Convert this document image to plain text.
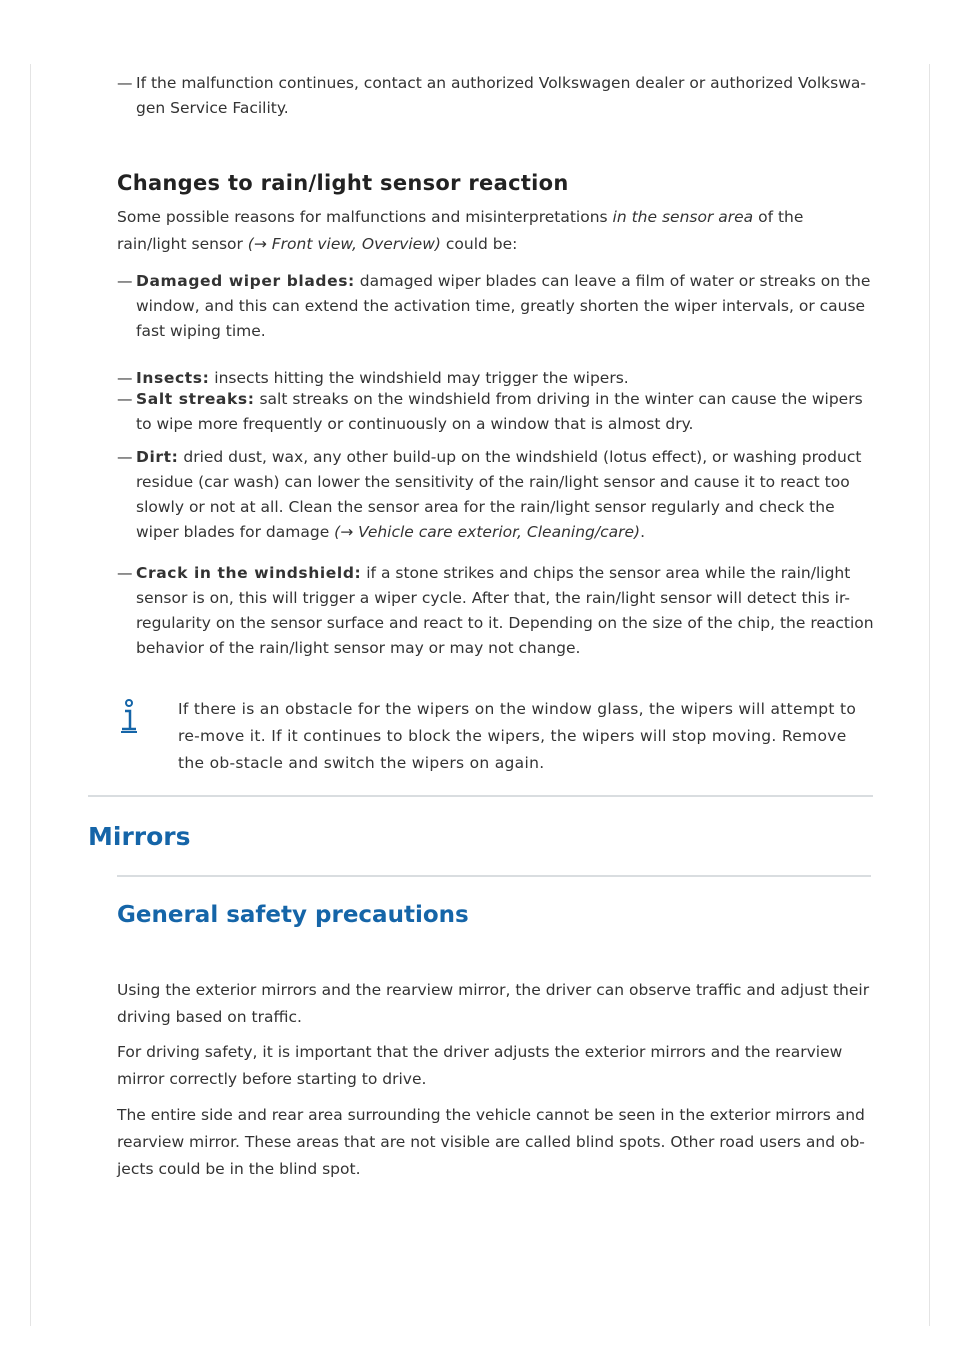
— If the malfunction continues, contact an authorized Volkswagen dealer or authorized Volkswa-gen Service Facility.
Changes to rain/light sensor reaction

Some possible reasons for malfunctions and misinterpretations in the sensor area of the rain/light sensor (→ Front view, Overview) could be:

— Damaged wiper blades: damaged wiper blades can leave a film of water or streaks on the window, and this can extend the activation time, greatly shorten the wiper intervals, or cause fast wiping time.
— Insects: insects hitting the windshield may trigger the wipers.
— Salt streaks: salt streaks on the windshield from driving in the winter can cause the wipers to wipe more frequently or continuously on a window that is almost dry.
— Dirt: dried dust, wax, any other build-up on the windshield (lotus effect), or washing product residue (car wash) can lower the sensitivity of the rain/light sensor and cause it to react too slowly or not at all. Clean the sensor area for the rain/light sensor regularly and check the wiper blades for damage (→ Vehicle care exterior, Cleaning/care).
— Crack in the windshield: if a stone strikes and chips the sensor area while the rain/light sensor is on, this will trigger a wiper cycle. After that, the rain/light sensor will detect this ir-regularity on the sensor surface and react to it. Depending on the size of the chip, the reaction behavior of the rain/light sensor may or may not change.

If there is an obstacle for the wipers on the window glass, the wipers will attempt to re-move it. If it continues to block the wipers, the wipers will stop moving. Remove the ob-stacle and switch the wipers on again.

Mirrors
General safety precautions

Using the exterior mirrors and the rearview mirror, the driver can observe traffic and adjust their driving based on traffic.

For driving safety, it is important that the driver adjusts the exterior mirrors and the rearview mirror correctly before starting to drive.

The entire side and rear area surrounding the vehicle cannot be seen in the exterior mirrors and rearview mirror. These areas that are not visible are called blind spots. Other road users and ob-jects could be in the blind spot.
